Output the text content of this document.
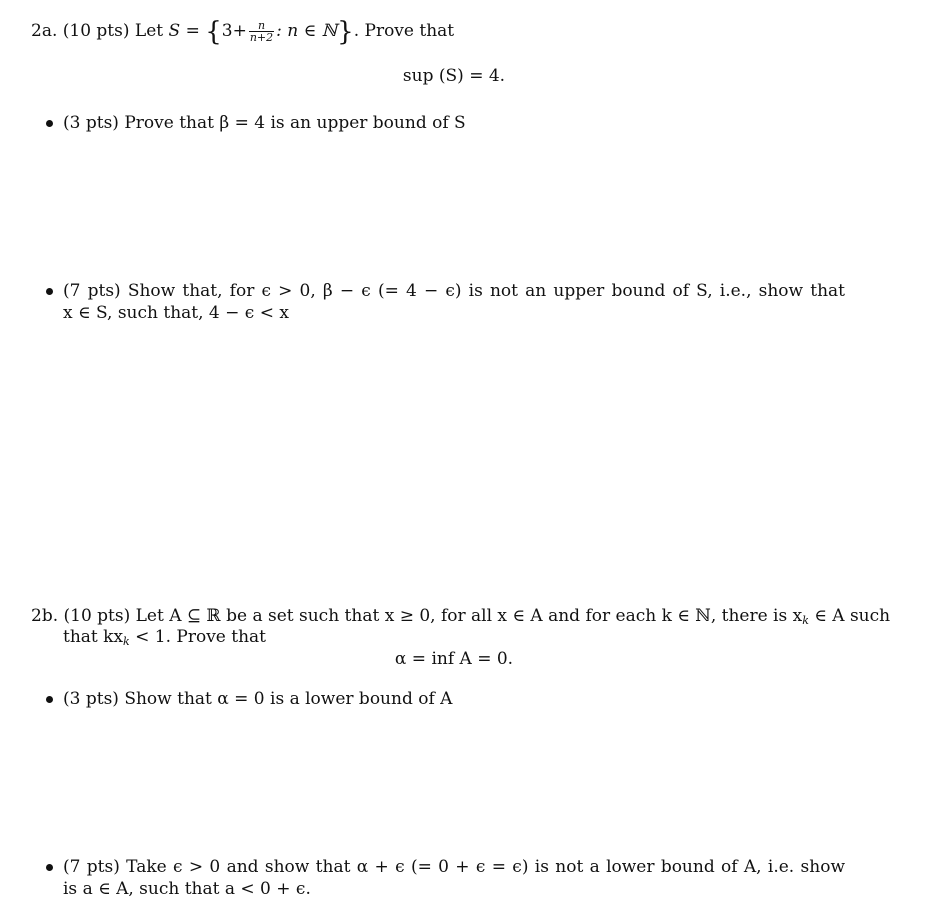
2a. (10 pts) Let $S = \{3+ \frac{n}{n+2}$ : n ∈ ℕ}. Prove that
sup (S) = 4.
(3 pts) Prove that β = 4 is an upper bound of S
(7 pts) Show that, for ϵ > 0, β − ϵ (= 4 − ϵ) is not an upper bound of S, i.e., show that
x ∈ S, such that, 4 − ϵ < x
2b. (10 pts) Let A ⊆ ℝ be a set such that x ≥ 0, for all x ∈ A and for each k ∈ ℕ, there is $x_k$ ∈ A such
that $kx_k < 1$. Prove that
α = inf A = 0.
(3 pts) Show that α = 0 is a lower bound of A
(7 pts) Take ϵ > 0 and show that α + ϵ (= 0 + ϵ = ϵ) is not a lower bound of A, i.e. show
is a ∈ A, such that a < 0 + ϵ.
